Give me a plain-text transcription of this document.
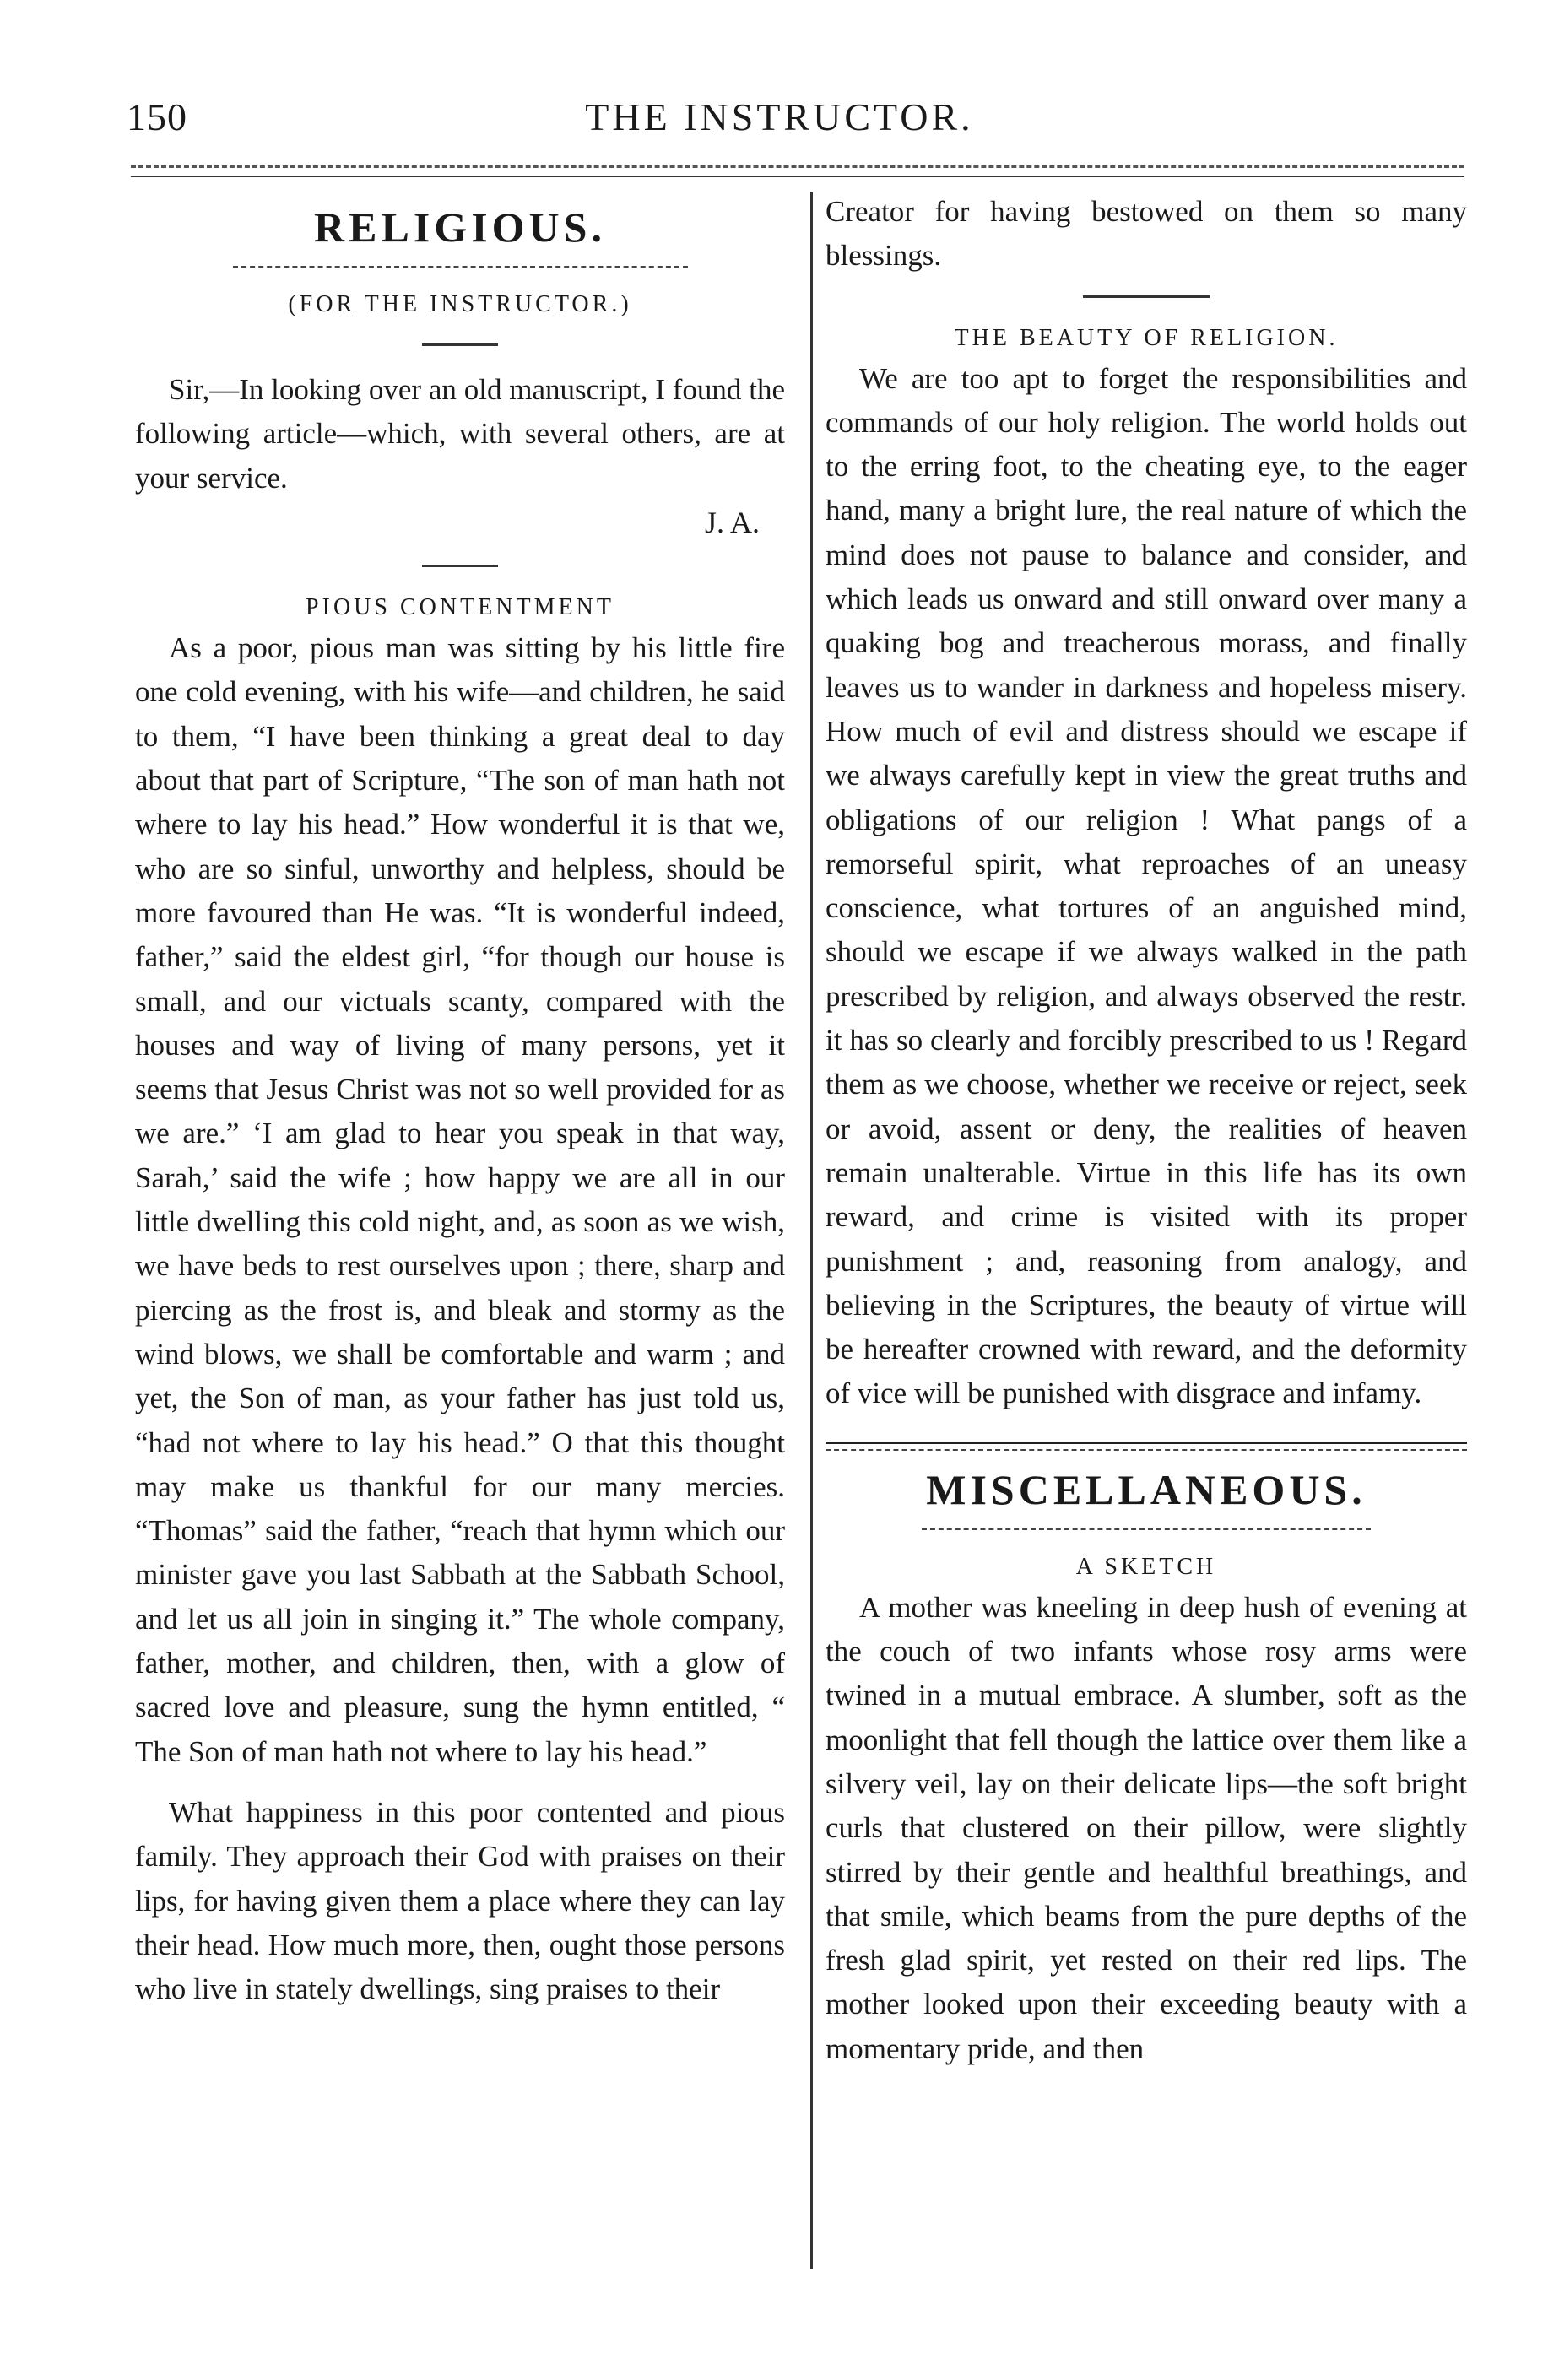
150	THE INSTRUCTOR.
RELIGIOUS.
(FOR THE INSTRUCTOR.)

Sir,—In looking over an old manuscript, I found the following article—which, with several others, are at your service.

J. A.
PIOUS CONTENTMENT

As a poor, pious man was sitting by his little fire one cold evening, with his wife—and children, he said to them, “I have been thinking a great deal to day about that part of Scripture, “The son of man hath not where to lay his head.” How wonderful it is that we, who are so sinful, unworthy and helpless, should be more favoured than He was. “It is wonderful indeed, father,” said the eldest girl, “for though our house is small, and our victuals scanty, compared with the houses and way of living of many persons, yet it seems that Jesus Christ was not so well provided for as we are.” ‘I am glad to hear you speak in that way, Sarah,’ said the wife ; how happy we are all in our little dwelling this cold night, and, as soon as we wish, we have beds to rest ourselves upon ; there, sharp and piercing as the frost is, and bleak and stormy as the wind blows, we shall be comfortable and warm ; and yet, the Son of man, as your father has just told us, “had not where to lay his head.” O that this thought may make us thankful for our many mercies. “Thomas” said the father, “reach that hymn which our minister gave you last Sabbath at the Sabbath School, and let us all join in singing it.” The whole company, father, mother, and children, then, with a glow of sacred love and pleasure, sung the hymn entitled, “ The Son of man hath not where to lay his head.”

What happiness in this poor contented and pious family. They approach their God with praises on their lips, for having given them a place where they can lay their head. How much more, then, ought those persons who live in stately dwellings, sing praises to their

Creator for having bestowed on them so many blessings.

THE BEAUTY OF RELIGION.

We are too apt to forget the responsibilities and commands of our holy religion. The world holds out to the erring foot, to the cheating eye, to the eager hand, many a bright lure, the real nature of which the mind does not pause to balance and consider, and which leads us onward and still onward over many a quaking bog and treacherous morass, and finally leaves us to wander in darkness and hopeless misery. How much of evil and distress should we escape if we always carefully kept in view the great truths and obligations of our religion ! What pangs of a remorseful spirit, what reproaches of an uneasy conscience, what tortures of an anguished mind, should we escape if we always walked in the path prescribed by religion, and always observed the restr. it has so clearly and forcibly prescribed to us ! Regard them as we choose, whether we receive or reject, seek or avoid, assent or deny, the realities of heaven remain unalterable. Virtue in this life has its own reward, and crime is visited with its proper punishment ; and, reasoning from analogy, and believing in the Scriptures, the beauty of virtue will be hereafter crowned with reward, and the deformity of vice will be punished with disgrace and infamy.

MISCELLANEOUS.
A SKETCH

A mother was kneeling in deep hush of evening at the couch of two infants whose rosy arms were twined in a mutual embrace. A slumber, soft as the moonlight that fell though the lattice over them like a silvery veil, lay on their delicate lips—the soft bright curls that clustered on their pillow, were slightly stirred by their gentle and healthful breathings, and that smile, which beams from the pure depths of the fresh glad spirit, yet rested on their red lips. The mother looked upon their exceeding beauty with a momentary pride, and then
